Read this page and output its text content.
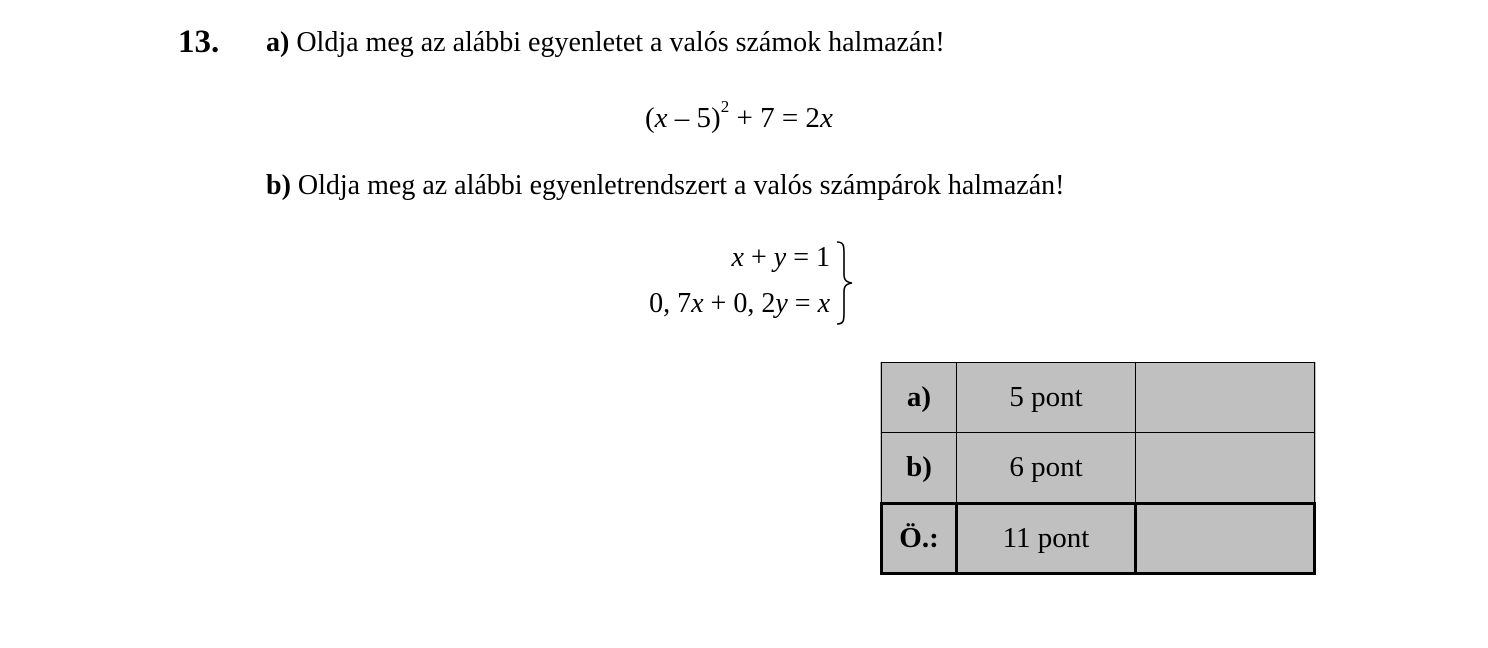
13. a) Oldja meg az alábbi egyenletet a valós számok halmazán!
(x – 5)$^2$ + 7 = 2x
b) Oldja meg az alábbi egyenletrendszert a valós számpárok halmazán!
x + y = 1
0, 7x + 0, 2y = x
a)	5 pont	
b)	6 pont	
Ö.:	11 pont	
